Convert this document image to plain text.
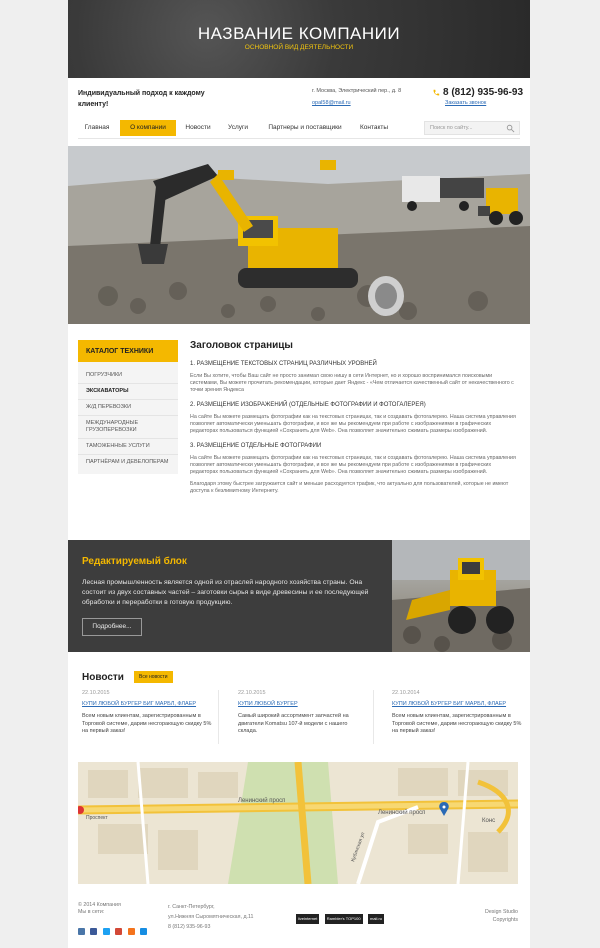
НАЗВАНИЕ КОМПАНИИ
ОСНОВНОЙ ВИД ДЕЯТЕЛЬНОСТИ
Индивидуальный подход к каждому клиенту!
г. Москва, Электрический пер., д. 8
opal58@mail.ru
8 (812) 935-96-93
Заказать звонок
Главная	О компании	Новости	Услуги	Партнеры и поставщики	Контакты	Поиск по сайту...
КАТАЛОГ ТЕХНИКИ
ПОГРУЗЧИКИ
ЭКСКАВАТОРЫ
Ж/Д ПЕРЕВОЗКИ
МЕЖДУНАРОДНЫЕ ГРУЗОПЕРЕВОЗКИ
ТАМОЖЕННЫЕ УСЛУГИ
ПАРТНЁРАМ И ДЕВЕЛОПЕРАМ
Заголовок страницы
1. РАЗМЕЩЕНИЕ ТЕКСТОВЫХ СТРАНИЦ РАЗЛИЧНЫХ УРОВНЕЙ

Если Вы хотите, чтобы Ваш сайт не просто занимал свою нишу в сети Интернет, но и хорошо воспринимался поисковыми системами, Вы можете прочитать рекомендации, которые дает Яндекс - «Чем отличается качественный сайт от некачественного с точки зрения Яндекса

2. РАЗМЕЩЕНИЕ ИЗОБРАЖЕНИЙ (ОТДЕЛЬНЫЕ ФОТОГРАФИИ И ФОТОГАЛЕРЕЯ)

На сайте Вы можете размещать фотографии как на текстовых страницах, так и создавать фотогалерею. Наша система управления позволяет автоматически уменьшать фотографии, и все же мы рекомендуем при работе с изображениями в графических редакторах пользоваться функцией «Сохранить для Web». Она позволяет значительно сжимать размеры изображений.

3. РАЗМЕЩЕНИЕ ОТДЕЛЬНЫЕ ФОТОГРАФИИ

На сайте Вы можете размещать фотографии как на текстовых страницах, так и создавать фотогалерею. Наша система управления позволяет автоматически уменьшать фотографии, и все же мы рекомендуем при работе с изображениями в графических редакторах пользоваться функцией «Сохранить для Web». Она позволяет значительно сжимать размеры изображений.

Благодаря этому быстрее загружается сайт и меньше расходуется трафик, что актуально для пользователей, которые не имеют доступа к безлимитному Интернету.

Редактируемый блок
Лесная промышленность является одной из отраслей народного хозяйства страны. Она состоит из двух составных частей – заготовки сырья в виде древесины и ее последующей обработки и переработки в готовую продукцию.
Подробнее...
Новости	Все новости
22.10.2015
КУПИ ЛЮБОЙ БУРГЕР БИГ МАРБЛ, ФЛАЕР
Всем новым клиентам, зарегистрированным в Торговой системе, дарим несгорающую скидку 5% на первый заказ!
22.10.2015
КУПИ ЛЮБОЙ БУРГЕР
Самый широкий ассортимент запчастей на двигатели Komatsu 107-й модели с нашего склада.
22.10.2014
КУПИ ЛЮБОЙ БУРГЕР БИГ МАРБЛ, ФЛАЕР
Всем новым клиентам, зарегистрированным в Торговой системе, дарим несгорающую скидку 5% на первый заказ!
Проспект
Ленинский просп
Ленинский просп
Кубинская ул
Конс
© 2014 Компания
Мы в сети:

г. Санкт-Петербург,
ул.Нижняя Сыромятническая, д.11
8 (812) 935-96-93
liveinternet Rambler's TOP100 mail.ru
Design Studio
Copyrights
